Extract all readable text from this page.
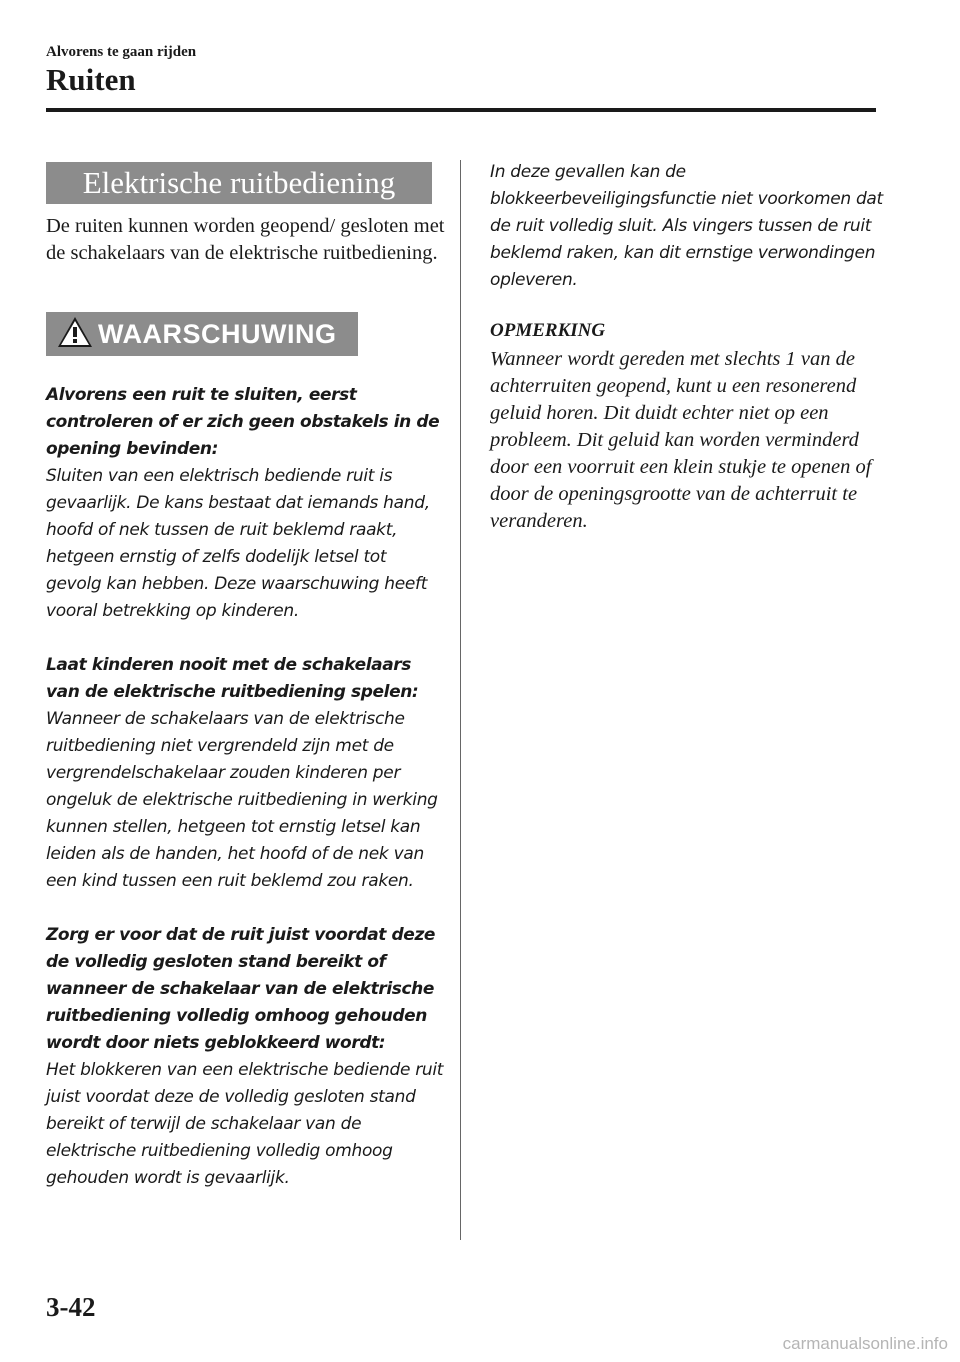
Alvorens te gaan rijden
Ruiten
Elektrische ruitbediening
De ruiten kunnen worden geopend/ gesloten met de schakelaars van de elektrische ruitbediening.
WAARSCHUWING

Alvorens een ruit te sluiten, eerst controleren of er zich geen obstakels in de opening bevinden:
Sluiten van een elektrisch bediende ruit is gevaarlijk. De kans bestaat dat iemands hand, hoofd of nek tussen de ruit beklemd raakt, hetgeen ernstig of zelfs dodelijk letsel tot gevolg kan hebben. Deze waarschuwing heeft vooral betrekking op kinderen.

Laat kinderen nooit met de schakelaars van de elektrische ruitbediening spelen:
Wanneer de schakelaars van de elektrische ruitbediening niet vergrendeld zijn met de vergrendelschakelaar zouden kinderen per ongeluk de elektrische ruitbediening in werking kunnen stellen, hetgeen tot ernstig letsel kan leiden als de handen, het hoofd of de nek van een kind tussen een ruit beklemd zou raken.

Zorg er voor dat de ruit juist voordat deze de volledig gesloten stand bereikt of wanneer de schakelaar van de elektrische ruitbediening volledig omhoog gehouden wordt door niets geblokkeerd wordt:
Het blokkeren van een elektrische bediende ruit juist voordat deze de volledig gesloten stand bereikt of terwijl de schakelaar van de elektrische ruitbediening volledig omhoog gehouden wordt is gevaarlijk.

In deze gevallen kan de blokkeerbeveiligingsfunctie niet voorkomen dat de ruit volledig sluit. Als vingers tussen de ruit beklemd raken, kan dit ernstige verwondingen opleveren.
OPMERKING
Wanneer wordt gereden met slechts 1 van de achterruiten geopend, kunt u een resonerend geluid horen. Dit duidt echter niet op een probleem. Dit geluid kan worden verminderd door een voorruit een klein stukje te openen of door de openingsgrootte van de achterruit te veranderen.
3-42
carmanualsonline.info
